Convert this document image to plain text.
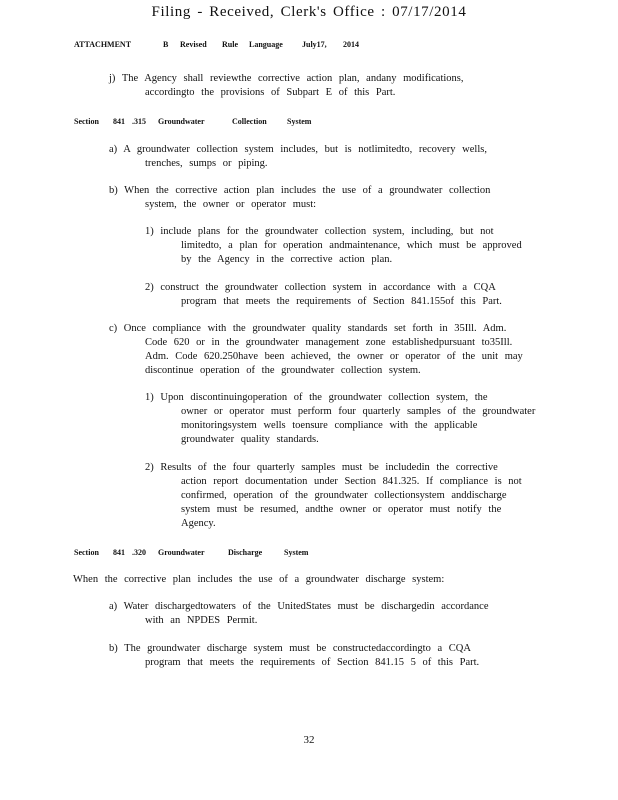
Filing - Received, Clerk's Office : 07/17/2014
ATTACHMENT	B Revised Rule Language July17, 2014
j) The Agency shall reviewthe corrective action plan, andany modifications,
accordingto the provisions of Subpart E of this Part.
Section 841 .315 Groundwater	Collection	System
a) A groundwater collection system includes, but is notlimitedto, recovery wells,
trenches, sumps or piping.
b) When the corrective action plan includes the use of a groundwater collection
system, the owner or operator must:
1) include plans for the groundwater collection system, including, but not
limitedto, a plan for operation andmaintenance, which must be approved
by the Agency in the corrective action plan.
2) construct the groundwater collection system in accordance with a CQA
program that meets the requirements of Section 841.155of this Part.
c) Once compliance with the groundwater quality standards set forth in 35Ill. Adm.
Code 620 or in the groundwater management zone establishedpursuant to35Ill.
Adm. Code 620.250have been achieved, the owner or operator of the unit may
discontinue operation of the groundwater collection system.
1) Upon discontinuingoperation of the groundwater collection system, the
owner or operator must perform four quarterly samples of the groundwater
monitoringsystem wells toensure compliance with the applicable
groundwater quality standards.
2) Results of the four quarterly samples must be includedin the corrective
action report documentation under Section 841.325. If compliance is not
confirmed, operation of the groundwater collectionsystem anddischarge
system must be resumed, andthe owner or operator must notify the
Agency.
Section 841 .320 Groundwater	Discharge	System
When the corrective plan includes the use of a groundwater discharge system:
a) Water dischargedtowaters of the UnitedStates must be dischargedin accordance
with an NPDES Permit.
b) The groundwater discharge system must be constructedaccordingto a CQA
program that meets the requirements of Section 841.15 5 of this Part.
32
